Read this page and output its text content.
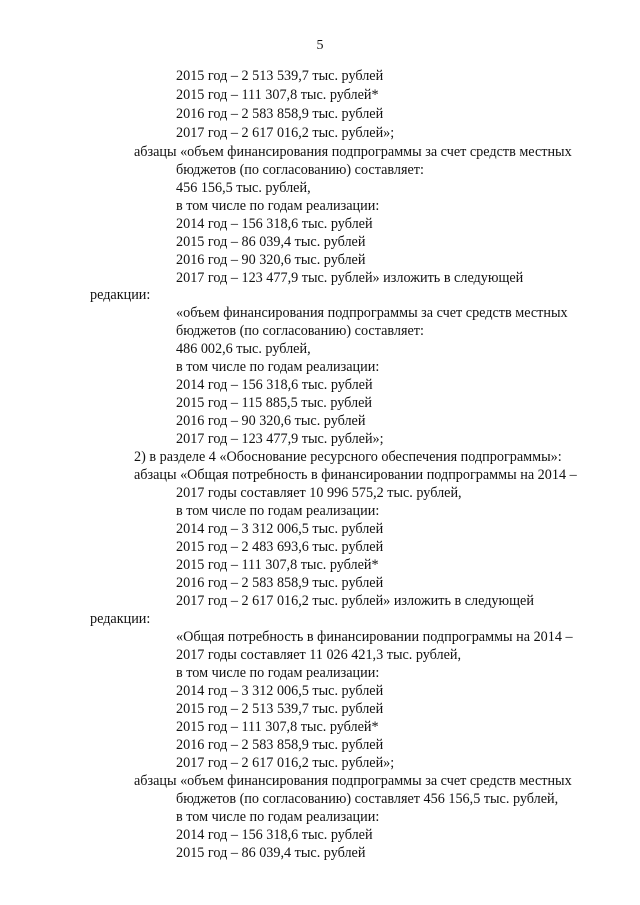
5
2015 год – 2 513 539,7 тыс. рублей
2015 год – 111 307,8 тыс. рублей*
2016 год – 2 583 858,9 тыс. рублей
2017 год – 2 617 016,2 тыс. рублей»;
абзацы «объем финансирования подпрограммы за счет средств местных
бюджетов (по согласованию) составляет:
456 156,5 тыс. рублей,
в том числе по годам реализации:
2014 год – 156 318,6 тыс. рублей
2015 год – 86 039,4 тыс. рублей
2016 год – 90 320,6 тыс. рублей
2017 год – 123 477,9 тыс. рублей» изложить в следующей
редакции:
«объем финансирования подпрограммы за счет средств местных
бюджетов (по согласованию) составляет:
486 002,6 тыс. рублей,
в том числе по годам реализации:
2014 год – 156 318,6 тыс. рублей
2015 год – 115 885,5 тыс. рублей
2016 год – 90 320,6 тыс. рублей
2017 год – 123 477,9 тыс. рублей»;
2) в разделе 4 «Обоснование ресурсного обеспечения подпрограммы»:
абзацы «Общая потребность в финансировании подпрограммы на 2014 –
2017 годы составляет 10 996 575,2 тыс. рублей,
в том числе по годам реализации:
2014 год – 3 312 006,5 тыс. рублей
2015 год – 2 483 693,6 тыс. рублей
2015 год – 111 307,8 тыс. рублей*
2016 год – 2 583 858,9 тыс. рублей
2017 год – 2 617 016,2 тыс. рублей» изложить в следующей
редакции:
«Общая потребность в финансировании подпрограммы на 2014 –
2017 годы составляет 11 026 421,3 тыс. рублей,
в том числе по годам реализации:
2014 год – 3 312 006,5 тыс. рублей
2015 год – 2 513 539,7 тыс. рублей
2015 год – 111 307,8 тыс. рублей*
2016 год – 2 583 858,9 тыс. рублей
2017 год – 2 617 016,2 тыс. рублей»;
абзацы «объем финансирования подпрограммы за счет средств местных
бюджетов (по согласованию) составляет 456 156,5 тыс. рублей,
в том числе по годам реализации:
2014 год – 156 318,6 тыс. рублей
2015 год – 86 039,4 тыс. рублей
